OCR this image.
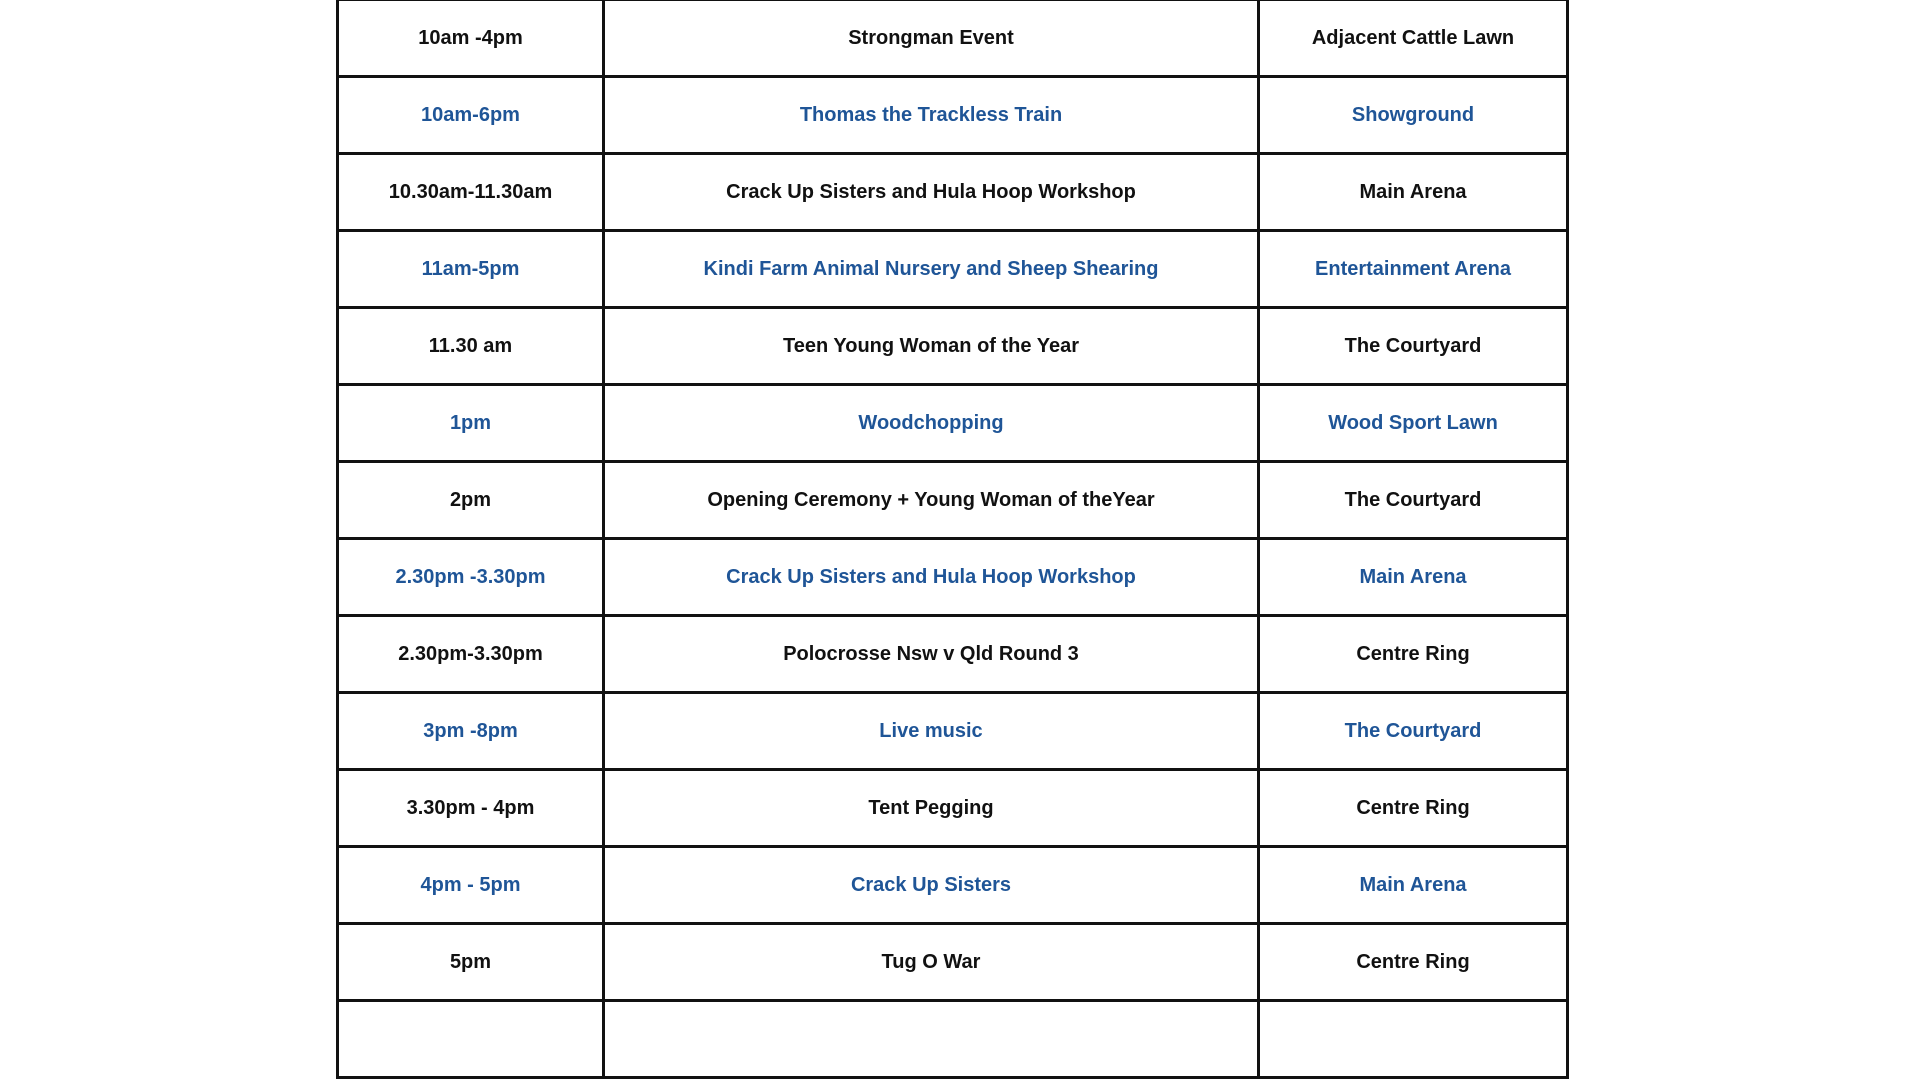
10am -4pm	Strongman Event	Adjacent Cattle Lawn
10am-6pm	Thomas the Trackless Train	Showground
10.30am-11.30am	Crack Up Sisters and Hula Hoop Workshop	Main Arena
11am-5pm	Kindi Farm Animal Nursery and Sheep Shearing	Entertainment Arena
11.30 am	Teen Young Woman of the Year	The Courtyard
1pm	Woodchopping	Wood Sport Lawn
2pm	Opening Ceremony + Young Woman of theYear	The Courtyard
2.30pm -3.30pm	Crack Up Sisters and Hula Hoop Workshop	Main Arena
2.30pm-3.30pm	Polocrosse Nsw v Qld Round 3	Centre Ring
3pm -8pm	Live music	The Courtyard
3.30pm - 4pm	Tent Pegging	Centre Ring
4pm - 5pm	Crack Up Sisters	Main Arena
5pm	Tug O War	Centre Ring
